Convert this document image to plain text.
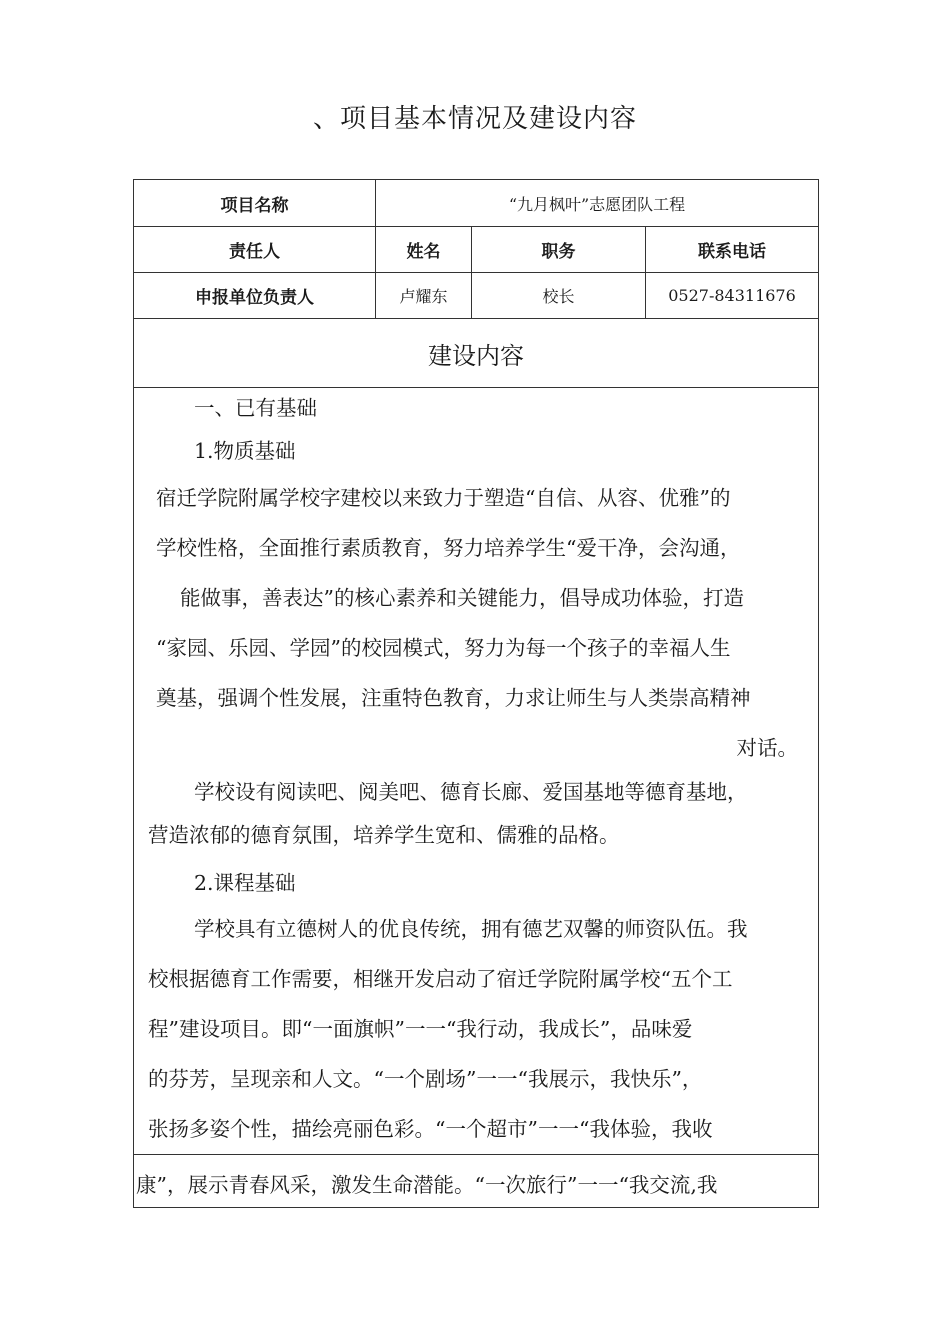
、项目基本情况及建设内容
项目名称	“九月枫叶”志愿团队工程		
责任人	姓名	职务	联系电话
申报单位负责人	卢耀东	校长	0527-84311676
建设内容			
一、已有基础
1.物质基础
宿迁学院附属学校字建校以来致力于塑造“自信、从容、优雅”的
学校性格，全面推行素质教育，努力培养学生“爱干净，会沟通，
能做事，善表达”的核心素养和关键能力，倡导成功体验，打造
“家园、乐园、学园”的校园模式，努力为每一个孩子的幸福人生
奠基，强调个性发展，注重特色教育，力求让师生与人类崇高精神
对话。
学校设有阅读吧、阅美吧、德育长廊、爱国基地等德育基地，
营造浓郁的德育氛围，培养学生宽和、儒雅的品格。
2.课程基础
学校具有立德树人的优良传统，拥有德艺双馨的师资队伍。我
校根据德育工作需要，相继开发启动了宿迁学院附属学校“五个工
程”建设项目。即“一面旗帜”一一“我行动，我成长”，品味爱
的芬芳，呈现亲和人文。“一个剧场”一一“我展示，我快乐”，
张扬多姿个性，描绘亮丽色彩。“一个超市”一一“我体验，我收
康”，展示青春风采，激发生命潜能。“一次旅行”一一“我交流,我
